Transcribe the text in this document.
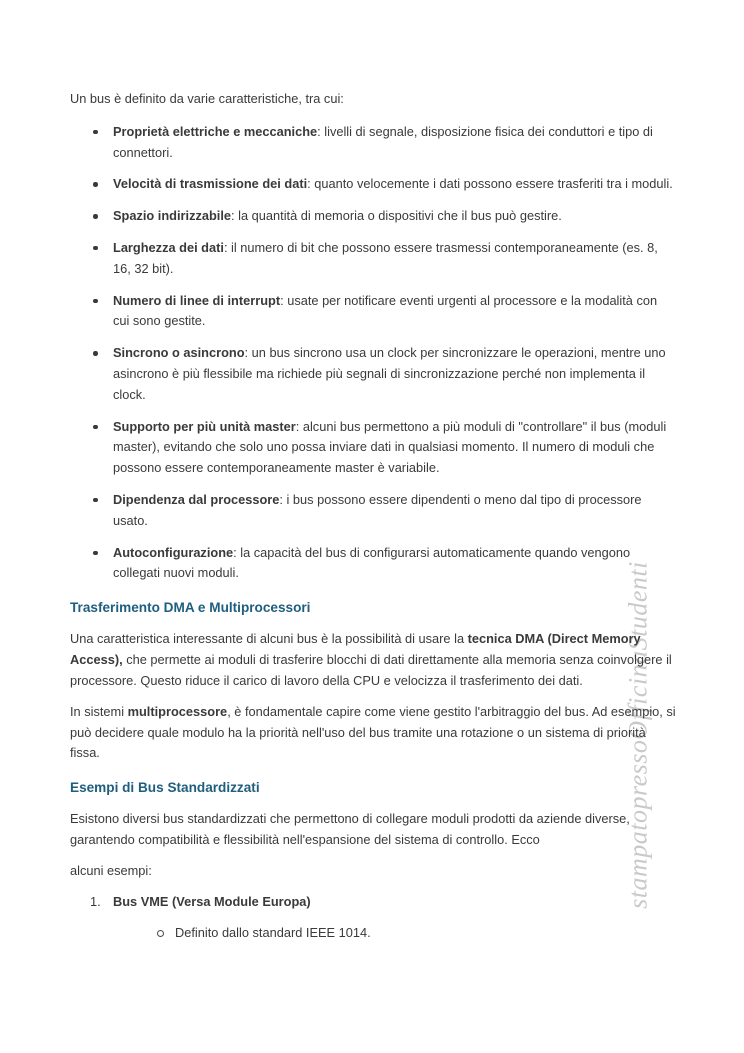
stampatopressoOfficinaStudenti

Un bus è definito da varie caratteristiche, tra cui:

Proprietà elettriche e meccaniche: livelli di segnale, disposizione fisica dei conduttori e tipo di connettori.
Velocità di trasmissione dei dati: quanto velocemente i dati possono essere trasferiti tra i moduli.
Spazio indirizzabile: la quantità di memoria o dispositivi che il bus può gestire.
Larghezza dei dati: il numero di bit che possono essere trasmessi contemporaneamente (es. 8, 16, 32 bit).
Numero di linee di interrupt: usate per notificare eventi urgenti al processore e la modalità con cui sono gestite.
Sincrono o asincrono: un bus sincrono usa un clock per sincronizzare le operazioni, mentre uno asincrono è più flessibile ma richiede più segnali di sincronizzazione perché non implementa il clock.
Supporto per più unità master: alcuni bus permettono a più moduli di "controllare" il bus (moduli master), evitando che solo uno possa inviare dati in qualsiasi momento. Il numero di moduli che possono essere contemporaneamente master è variabile.
Dipendenza dal processore: i bus possono essere dipendenti o meno dal tipo di processore usato.
Autoconfigurazione: la capacità del bus di configurarsi automaticamente quando vengono collegati nuovi moduli.
Trasferimento DMA e Multiprocessori

Una caratteristica interessante di alcuni bus è la possibilità di usare la tecnica DMA (Direct Memory Access), che permette ai moduli di trasferire blocchi di dati direttamente alla memoria senza coinvolgere il processore. Questo riduce il carico di lavoro della CPU e velocizza il trasferimento dei dati.

In sistemi multiprocessore, è fondamentale capire come viene gestito l'arbitraggio del bus. Ad esempio, si può decidere quale modulo ha la priorità nell'uso del bus tramite una rotazione o un sistema di priorità fissa.

Esempi di Bus Standardizzati

Esistono diversi bus standardizzati che permettono di collegare moduli prodotti da aziende diverse, garantendo compatibilità e flessibilità nell'espansione del sistema di controllo. Ecco

alcuni esempi:

1. Bus VME (Versa Module Europa)
Definito dallo standard IEEE 1014.
